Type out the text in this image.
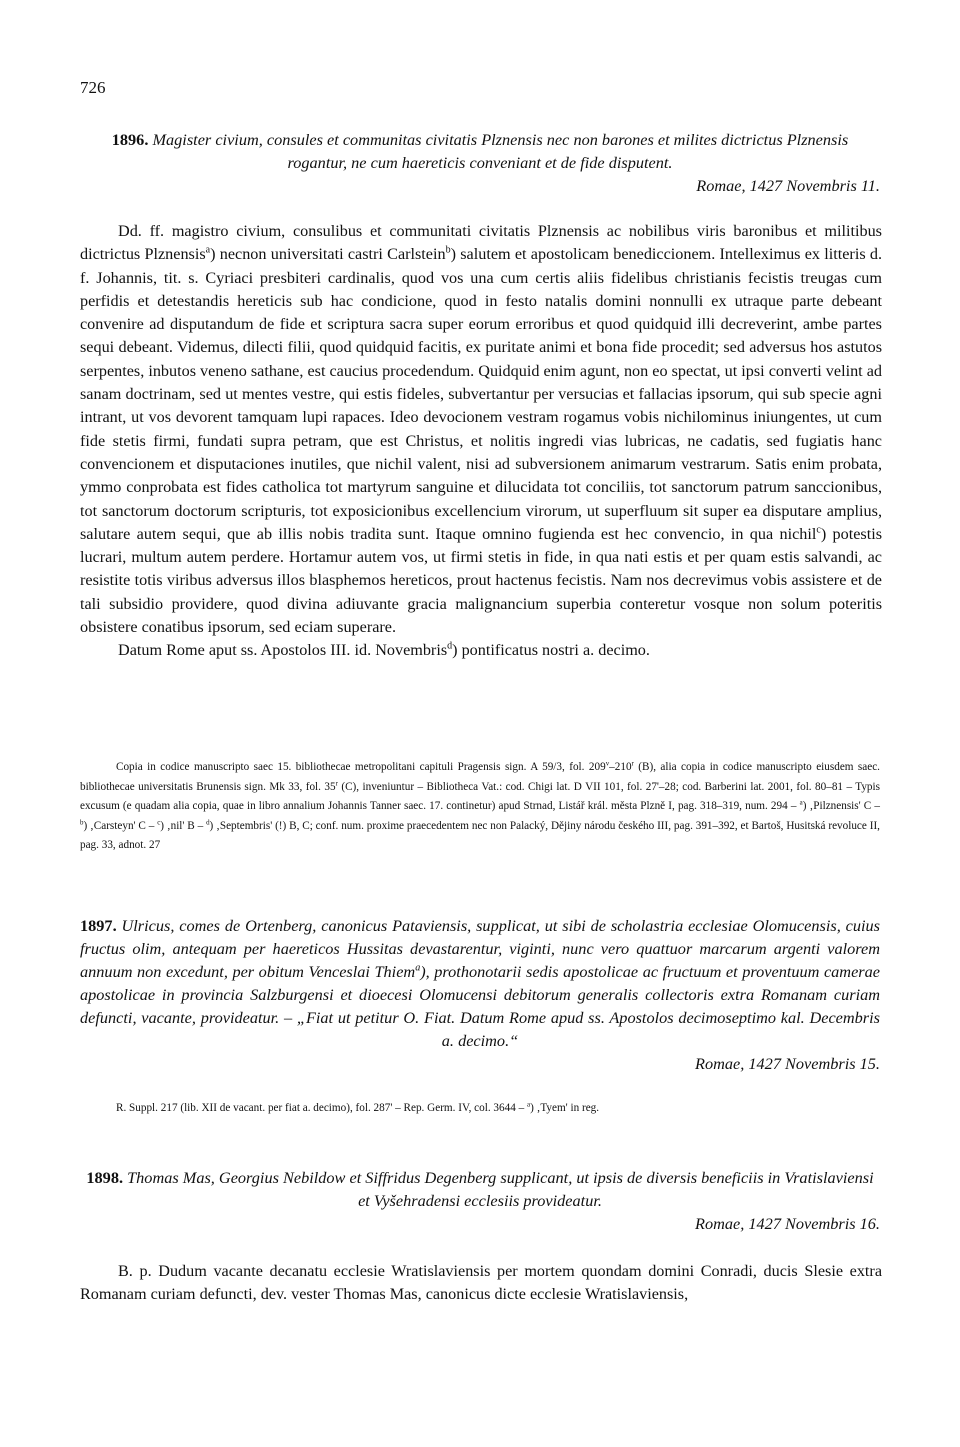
726
1896. Magister civium, consules et communitas civitatis Plznensis nec non barones et milites dictrictus Plznensis rogantur, ne cum haereticis conveniant et de fide disputent.
Romae, 1427 Novembris 11.

Dd. ff. magistro civium, consulibus et communitati civitatis Plznensis ac nobilibus viris baronibus et militibus dictrictus Plznensis$^a$) necnon universitati castri Carlstein$^b$) salutem et apostolicam benediccionem. Intelleximus ex litteris d. f. Johannis, tit. s. Cyriaci presbiteri cardinalis, quod vos una cum certis aliis fidelibus christianis fecistis treugas cum perfidis et detestandis hereticis sub hac condicione, quod in festo natalis domini nonnulli ex utraque parte debeant convenire ad disputandum de fide et scriptura sacra super eorum erroribus et quod quidquid illi decreverint, ambe partes sequi debeant. Videmus, dilecti filii, quod quidquid facitis, ex puritate animi et bona fide procedit; sed adversus hos astutos serpentes, inbutos veneno sathane, est caucius procedendum. Quidquid enim agunt, non eo spectat, ut ipsi converti velint ad sanam doctrinam, sed ut mentes vestre, qui estis fideles, subvertantur per versucias et fallacias ipsorum, qui sub specie agni intrant, ut vos devorent tamquam lupi rapaces. Ideo devocionem vestram rogamus vobis nichilominus iniungentes, ut cum fide stetis firmi, fundati supra petram, que est Christus, et nolitis ingredi vias lubricas, ne cadatis, sed fugiatis hanc convencionem et disputaciones inutiles, que nichil valent, nisi ad subversionem animarum vestrarum. Satis enim probata, ymmo conprobata est fides catholica tot martyrum sanguine et dilucidata tot conciliis, tot sanctorum patrum sanccionibus, tot sanctorum doctorum scripturis, tot exposicionibus excellencium virorum, ut superfluum sit super ea disputare amplius, salutare autem sequi, que ab illis nobis tradita sunt. Itaque omnino fugienda est hec convencio, in qua nichil$^c$) potestis lucrari, multum autem perdere. Hortamur autem vos, ut firmi stetis in fide, in qua nati estis et per quam estis salvandi, ac resistite totis viribus adversus illos blasphemos hereticos, prout hactenus fecistis. Nam nos decrevimus vobis assistere et de tali subsidio providere, quod divina adiuvante gracia malignancium superbia conteretur vosque non solum poteritis obsistere conatibus ipsorum, sed eciam superare.

Datum Rome aput ss. Apostolos III. id. Novembris$^d$) pontificatus nostri a. decimo.

Copia in codice manuscripto saec 15. bibliothecae metropolitani capituli Pragensis sign. A 59/3, fol. 209$^v$–210$^r$ (B), alia copia in codice manuscripto eiusdem saec. bibliothecae universitatis Brunensis sign. Mk 33, fol. 35$^r$ (C), inveniuntur – Bibliotheca Vat.: cod. Chigi lat. D VII 101, fol. 27'–28; cod. Barberini lat. 2001, fol. 80–81 – Typis excusum (e quadam alia copia, quae in libro annalium Johannis Tanner saec. 17. continetur) apud Strnad, Listář král. města Plzně I, pag. 318–319, num. 294 – $^a$) ‚Pilznensis' C – $^b$) ‚Carsteyn' C – $^c$) ‚nil' B – $^d$) ‚Septembris' (!) B, C; conf. num. proxime praecedentem nec non Palacký, Dějiny národu českého III, pag. 391–392, et Bartoš, Husitská revoluce II, pag. 33, adnot. 27

1897. Ulricus, comes de Ortenberg, canonicus Pataviensis, supplicat, ut sibi de scholastria ecclesiae Olomucensis, cuius fructus olim, antequam per haereticos Hussitas devastarentur, viginti, nunc vero quattuor marcarum argenti valorem annuum non excedunt, per obitum Venceslai Thiem$^a$), prothonotarii sedis apostolicae ac fructuum et proventuum camerae apostolicae in provincia Salzburgensi et dioecesi Olomucensi debitorum generalis collectoris extra Romanam curiam defuncti, vacante, provideatur. – „Fiat ut petitur O. Fiat. Datum Rome apud ss. Apostolos decimoseptimo kal. Decembris a. decimo.“
Romae, 1427 Novembris 15.

R. Suppl. 217 (lib. XII de vacant. per fiat a. decimo), fol. 287' – Rep. Germ. IV, col. 3644 – $^a$) ‚Tyem' in reg.

1898. Thomas Mas, Georgius Nebildow et Siffridus Degenberg supplicant, ut ipsis de diversis beneficiis in Vratislaviensi et Vyšehradensi ecclesiis provideatur.
Romae, 1427 Novembris 16.

B. p. Dudum vacante decanatu ecclesie Wratislaviensis per mortem quondam domini Conradi, ducis Slesie extra Romanam curiam defuncti, dev. vester Thomas Mas, canonicus dicte ecclesie Wratislaviensis,
